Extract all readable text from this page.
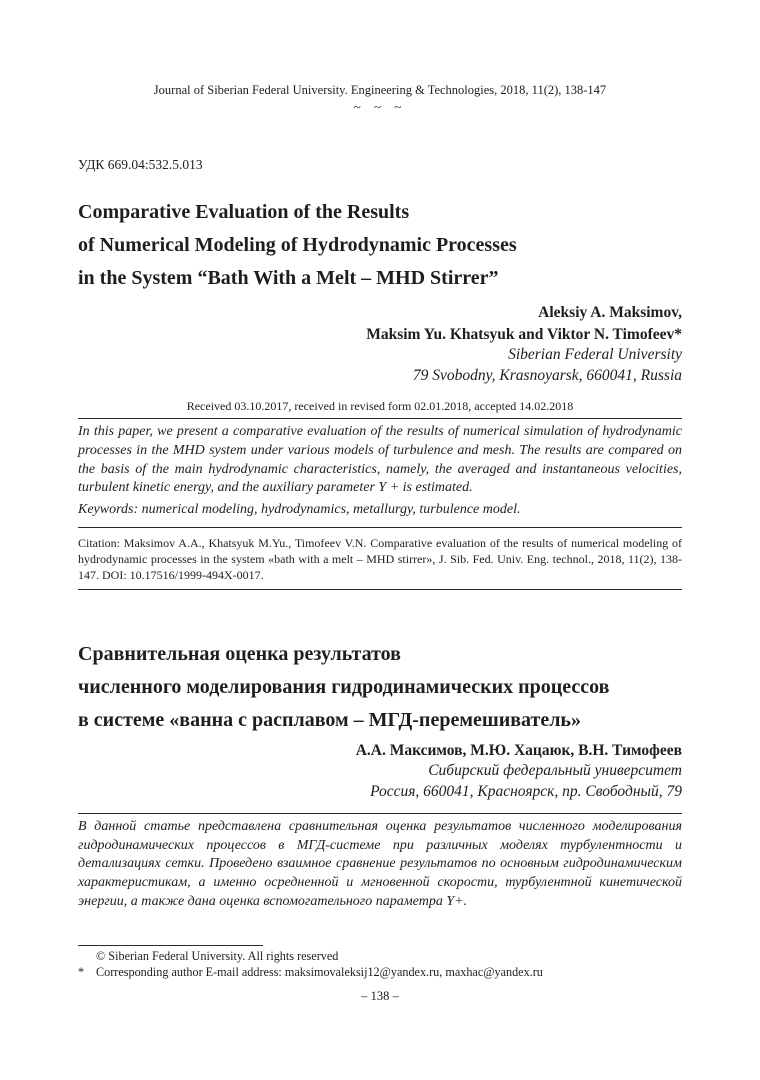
Journal of Siberian Federal University. Engineering & Technologies, 2018, 11(2), 138-147
~ ~ ~
УДК 669.04:532.5.013
Comparative Evaluation of the Results
of Numerical Modeling of Hydrodynamic Processes
in the System “Bath With a Melt – MHD Stirrer”
Aleksiy A. Maksimov,
Maksim Yu. Khatsyuk and Viktor N. Timofeev*
Siberian Federal University
79 Svobodny, Krasnoyarsk, 660041, Russia
Received 03.10.2017, received in revised form 02.01.2018, accepted 14.02.2018
In this paper, we present a comparative evaluation of the results of numerical simulation of hydrodynamic processes in the MHD system under various models of turbulence and mesh. The results are compared on the basis of the main hydrodynamic characteristics, namely, the averaged and instantaneous velocities, turbulent kinetic energy, and the auxiliary parameter Y + is estimated.
Keywords: numerical modeling, hydrodynamics, metallurgy, turbulence model.
Citation: Maksimov A.A., Khatsyuk M.Yu., Timofeev V.N. Comparative evaluation of the results of numerical modeling of hydrodynamic processes in the system «bath with a melt – MHD stirrer», J. Sib. Fed. Univ. Eng. technol., 2018, 11(2), 138-147. DOI: 10.17516/1999-494X-0017.
Сравнительная оценка результатов
численного моделирования гидродинамических процессов
в системе «ванна с расплавом – МГД-перемешиватель»
А.А. Максимов, М.Ю. Хацаюк, В.Н. Тимофеев
Сибирский федеральный университет
Россия, 660041, Красноярск, пр. Свободный, 79
В данной статье представлена сравнительная оценка результатов численного моделирования гидродинамических процессов в МГД-системе при различных моделях турбулентности и детализациях сетки. Проведено взаимное сравнение результатов по основным гидродинамическим характеристикам, а именно осредненной и мгновенной скорости, турбулентной кинетической энергии, а также дана оценка вспомогательного параметра Y+.
© Siberian Federal University. All rights reserved
* Corresponding author E-mail address: maksimovaleksij12@yandex.ru, maxhac@yandex.ru
– 138 –
